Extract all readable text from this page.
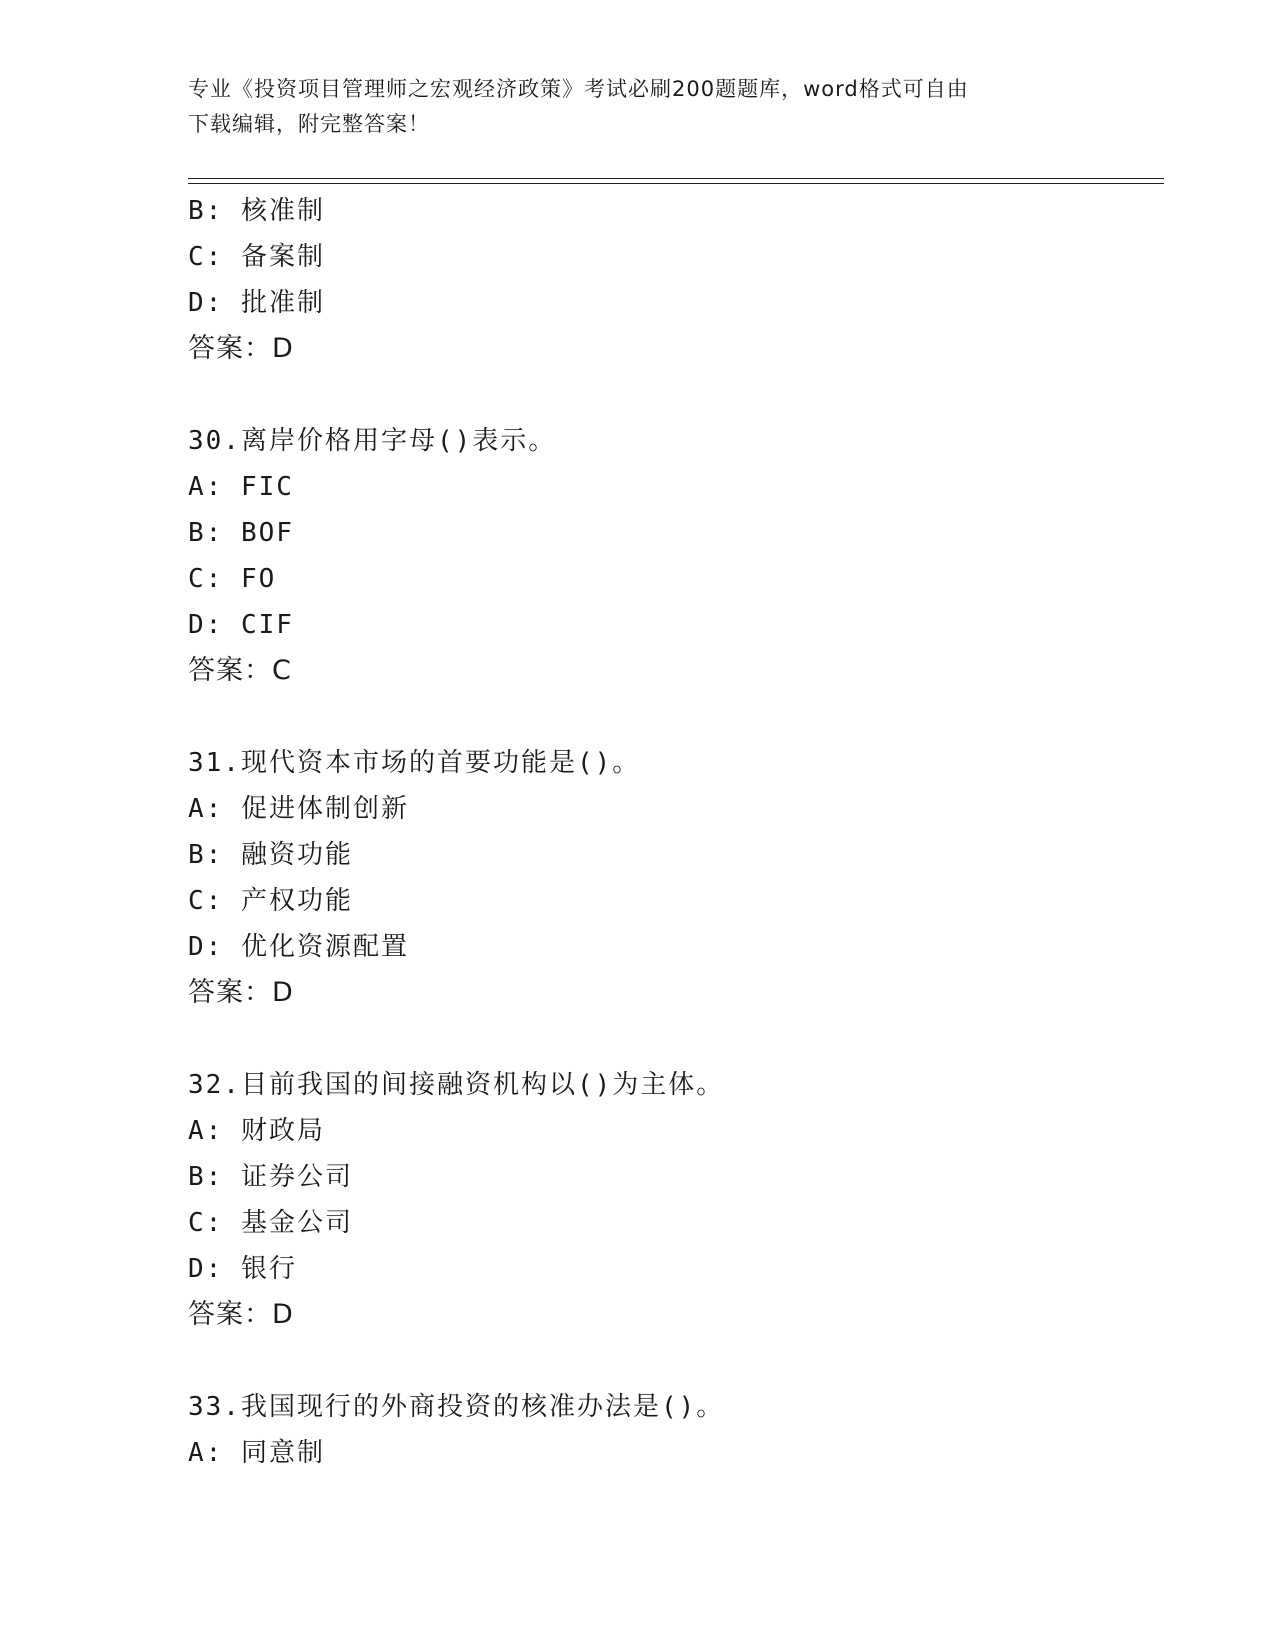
专业《投资项目管理师之宏观经济政策》考试必刷200题题库，word格式可自由
下载编辑，附完整答案！
B: 核准制
C: 备案制
D: 批准制
答案：D
30.离岸价格用字母()表示。
A: FIC
B: BOF
C: FO
D: CIF
答案：C
31.现代资本市场的首要功能是()。
A: 促进体制创新
B: 融资功能
C: 产权功能
D: 优化资源配置
答案：D
32.目前我国的间接融资机构以()为主体。
A: 财政局
B: 证券公司
C: 基金公司
D: 银行
答案：D
33.我国现行的外商投资的核准办法是()。
A: 同意制
